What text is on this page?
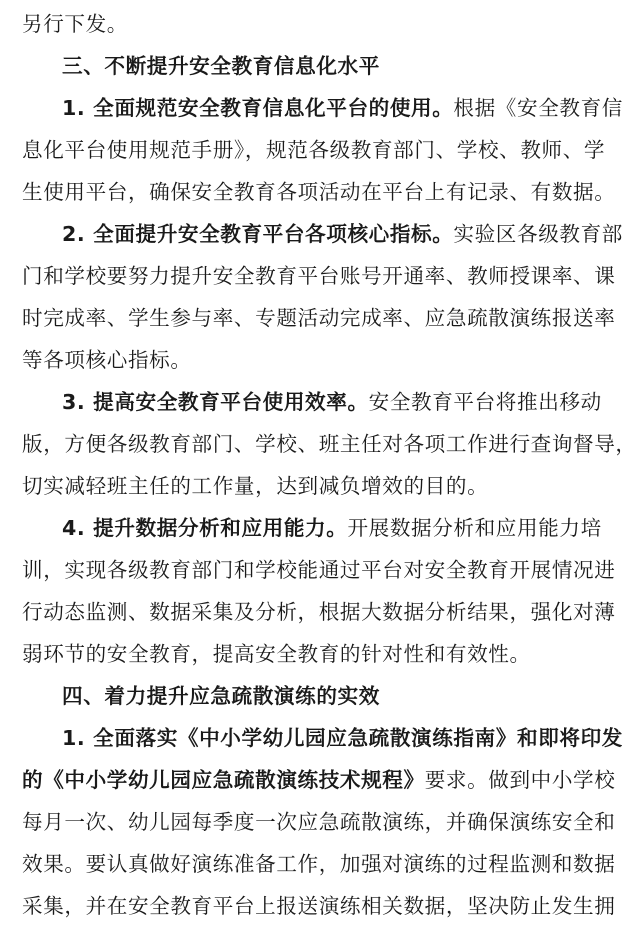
另行下发。
三、不断提升安全教育信息化水平
1. 全面规范安全教育信息化平台的使用。根据《安全教育信
息化平台使用规范手册》，规范各级教育部门、学校、教师、学
生使用平台，确保安全教育各项活动在平台上有记录、有数据。
2. 全面提升安全教育平台各项核心指标。实验区各级教育部
门和学校要努力提升安全教育平台账号开通率、教师授课率、课
时完成率、学生参与率、专题活动完成率、应急疏散演练报送率
等各项核心指标。
3. 提高安全教育平台使用效率。安全教育平台将推出移动
版，方便各级教育部门、学校、班主任对各项工作进行查询督导，
切实减轻班主任的工作量，达到减负增效的目的。
4. 提升数据分析和应用能力。开展数据分析和应用能力培
训，实现各级教育部门和学校能通过平台对安全教育开展情况进
行动态监测、数据采集及分析，根据大数据分析结果，强化对薄
弱环节的安全教育，提高安全教育的针对性和有效性。
四、着力提升应急疏散演练的实效
1. 全面落实《中小学幼儿园应急疏散演练指南》和即将印发
的《中小学幼儿园应急疏散演练技术规程》要求。做到中小学校
每月一次、幼儿园每季度一次应急疏散演练，并确保演练安全和
效果。要认真做好演练准备工作，加强对演练的过程监测和数据
采集，并在安全教育平台上报送演练相关数据，坚决防止发生拥
